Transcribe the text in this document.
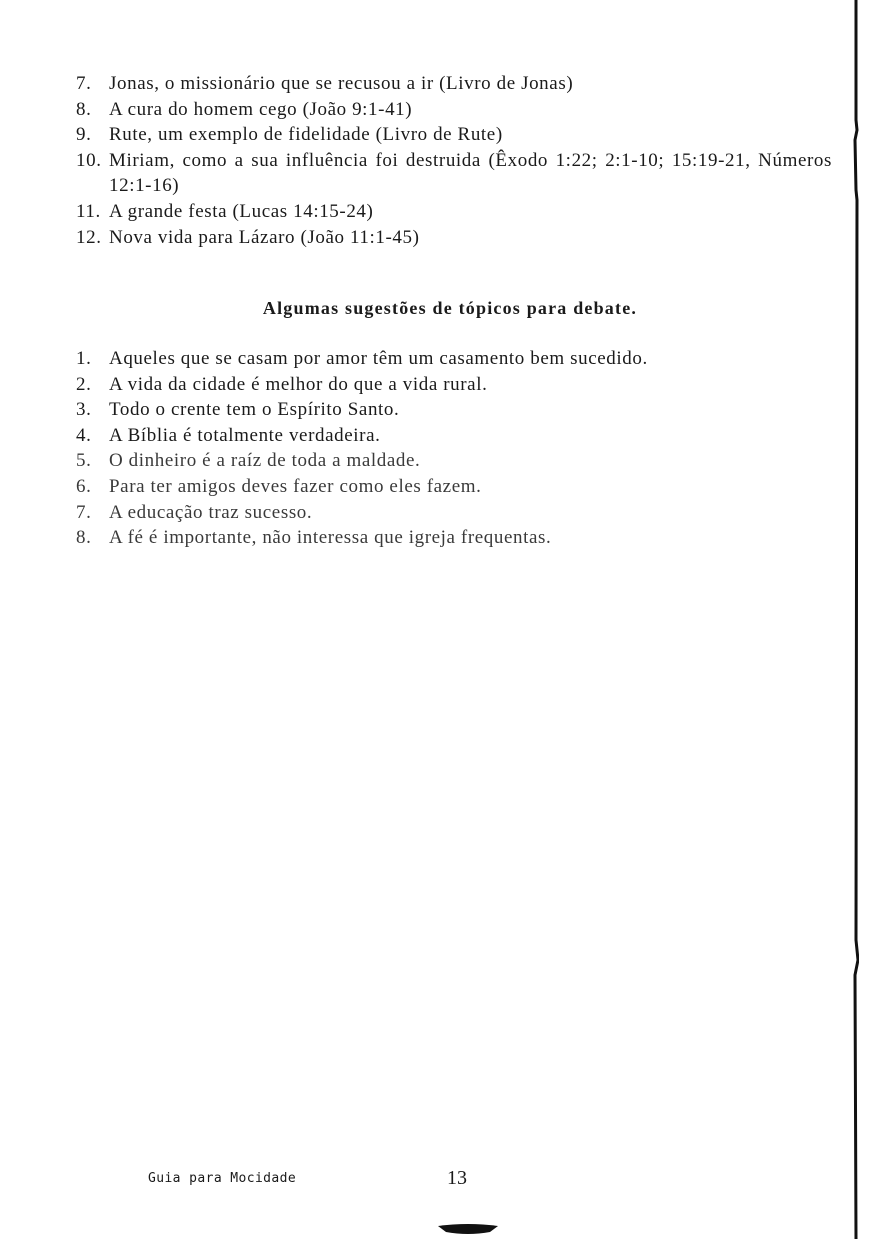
7. Jonas, o missionário que se recusou a ir (Livro de Jonas)
8. A cura do homem cego (João 9:1-41)
9. Rute, um exemplo de fidelidade (Livro de Rute)
10. Miriam, como a sua influência foi destruida (Êxodo 1:22; 2:1-10; 15:19-21, Números 12:1-16)
11. A grande festa (Lucas 14:15-24)
12. Nova vida para Lázaro (João 11:1-45)
Algumas sugestões de tópicos para debate.
1. Aqueles que se casam por amor têm um casamento bem sucedido.
2. A vida da cidade é melhor do que a vida rural.
3. Todo o crente tem o Espírito Santo.
4. A Bíblia é totalmente verdadeira.
5. O dinheiro é a raíz de toda a maldade.
6. Para ter amigos deves fazer como eles fazem.
7. A educação traz sucesso.
8. A fé é importante, não interessa que igreja frequentas.
Guia para Mocidade	13
